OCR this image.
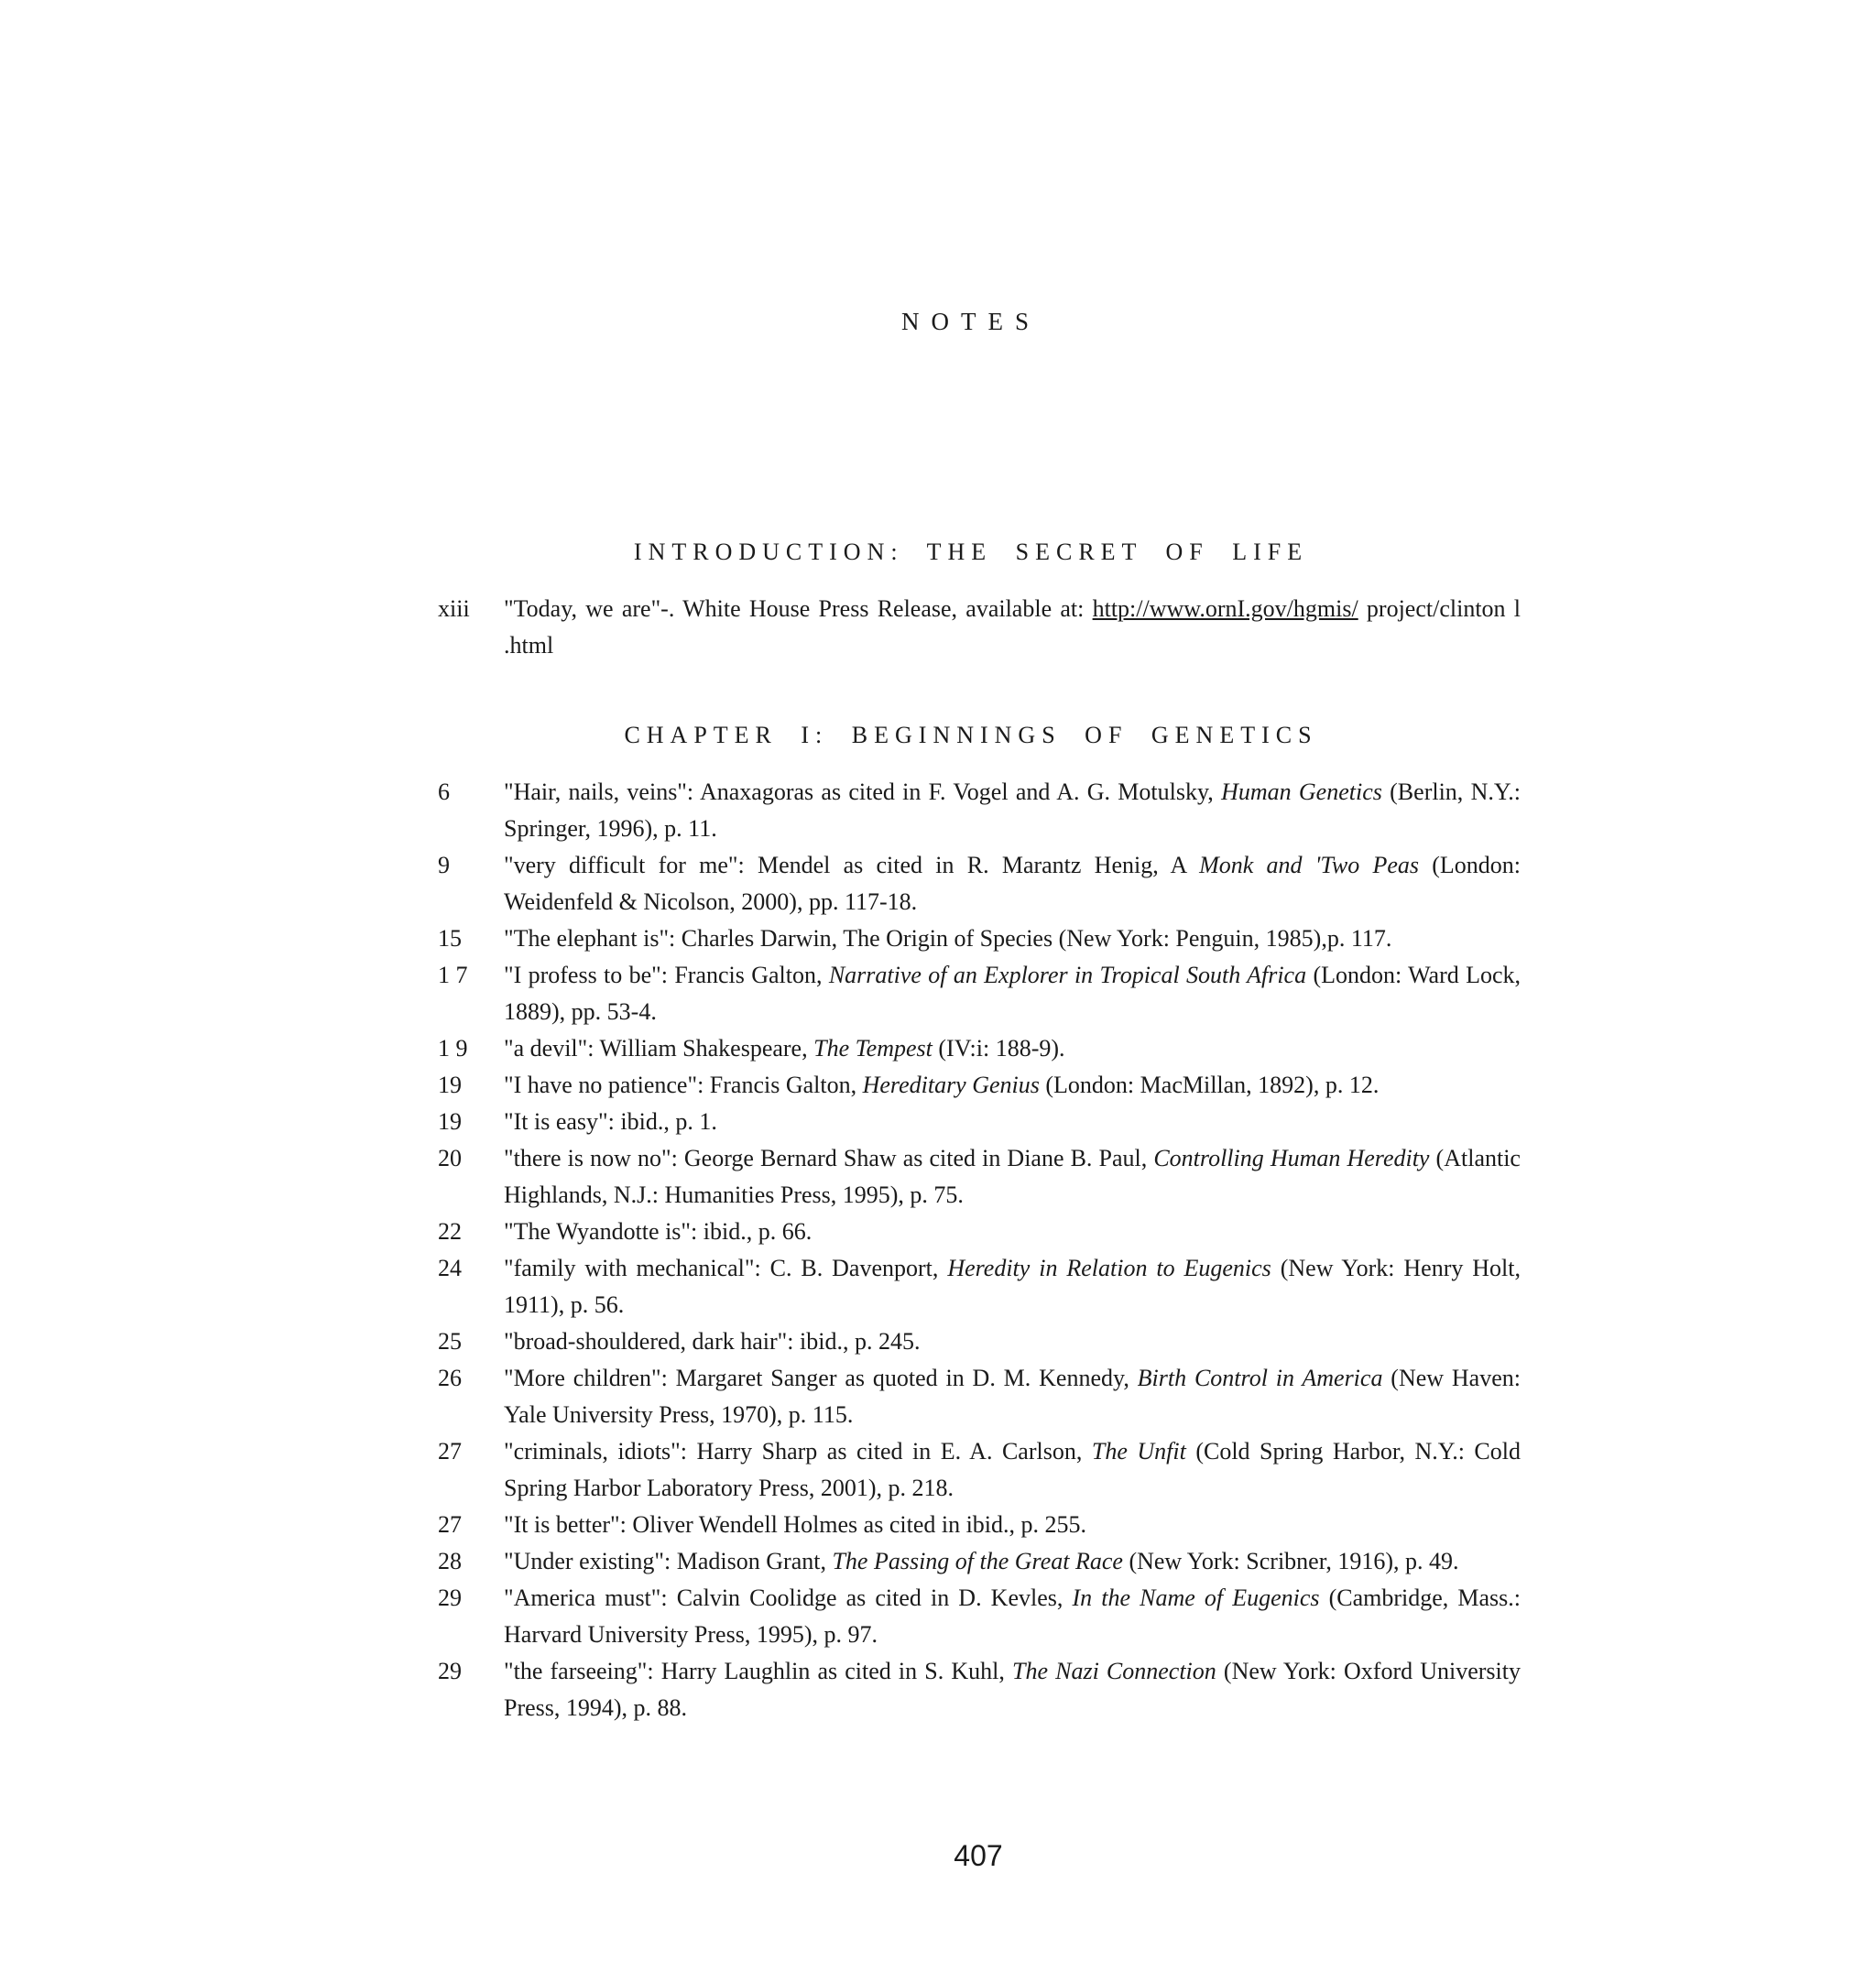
NOTES
INTRODUCTION: THE SECRET OF LIFE
xiii "Today, we are"-. White House Press Release, available at: http://www.ornI.gov/hgmis/ project/clinton l .html
CHAPTER I: BEGINNINGS OF GENETICS
6	"Hair, nails, veins": Anaxagoras as cited in F. Vogel and A. G. Motulsky, Human Genetics (Berlin, N.Y.: Springer, 1996), p. 11.
9	"very difficult for me": Mendel as cited in R. Marantz Henig, A Monk and 'Two Peas (London: Weidenfeld & Nicolson, 2000), pp. 117-18.
15	"The elephant is": Charles Darwin, The Origin of Species (New York: Penguin, 1985),p. 117.
1 7 "I profess to be": Francis Galton, Narrative of an Explorer in Tropical South Africa (London: Ward Lock, 1889), pp. 53-4.
1 9 "a devil": William Shakespeare, The Tempest (IV:i: 188-9).
19	"I have no patience": Francis Galton, Hereditary Genius (London: MacMillan, 1892), p. 12.
19	"It is easy": ibid., p. 1.
20	"there is now no": George Bernard Shaw as cited in Diane B. Paul, Controlling Human Heredity (Atlantic Highlands, N.J.: Humanities Press, 1995), p. 75.
22	"The Wyandotte is": ibid., p. 66.
24	"family with mechanical": C. B. Davenport, Heredity in Relation to Eugenics (New York: Henry Holt, 1911), p. 56.
25	"broad-shouldered, dark hair": ibid., p. 245.
26	"More children": Margaret Sanger as quoted in D. M. Kennedy, Birth Control in America (New Haven: Yale University Press, 1970), p. 115.
27	"criminals, idiots": Harry Sharp as cited in E. A. Carlson, The Unfit (Cold Spring Harbor, N.Y.: Cold Spring Harbor Laboratory Press, 2001), p. 218.
27	"It is better": Oliver Wendell Holmes as cited in ibid., p. 255.
28	"Under existing": Madison Grant, The Passing of the Great Race (New York: Scribner, 1916), p. 49.
29	"America must": Calvin Coolidge as cited in D. Kevles, In the Name of Eugenics (Cambridge, Mass.: Harvard University Press, 1995), p. 97.
29	"the farseeing": Harry Laughlin as cited in S. Kuhl, The Nazi Connection (New York: Oxford University Press, 1994), p. 88.
407
